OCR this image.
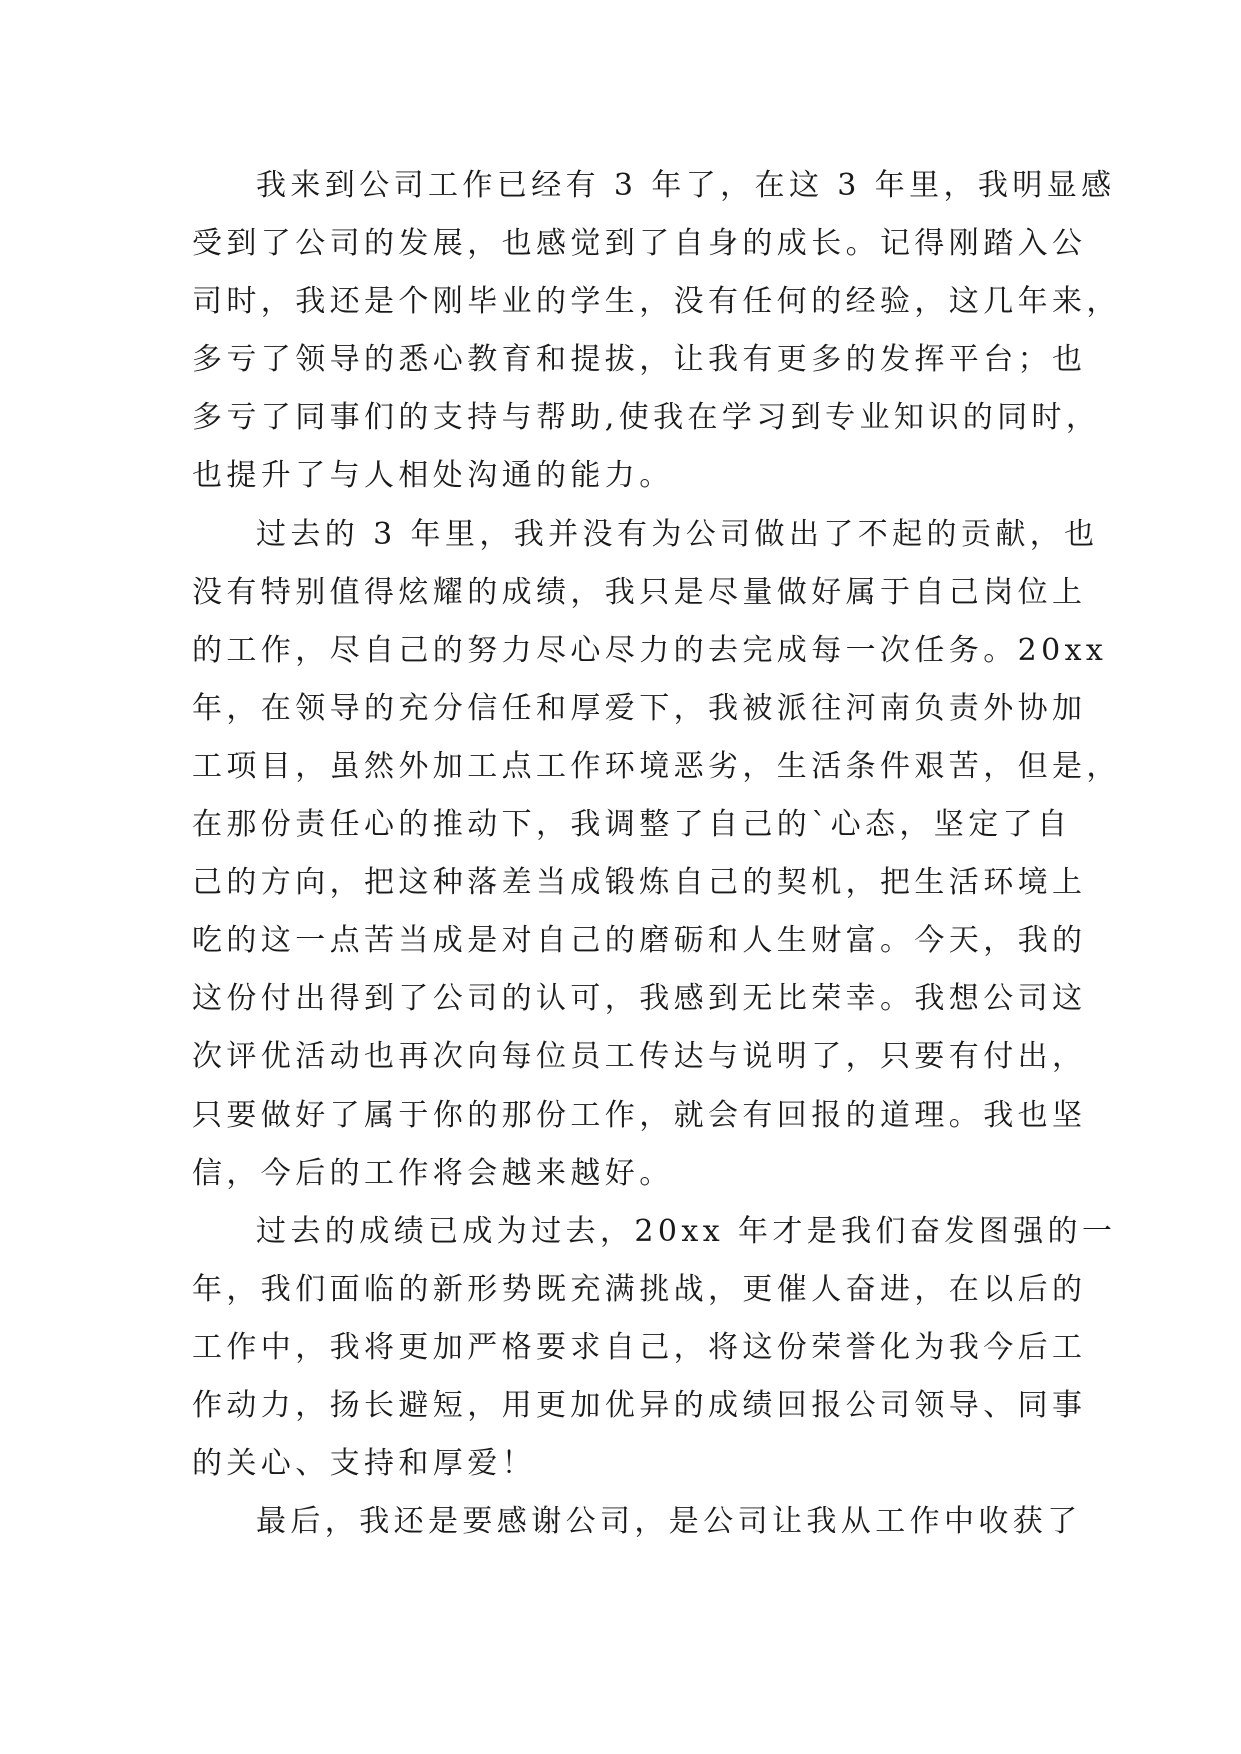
我来到公司工作已经有 3 年了，在这 3 年里，我明显感
受到了公司的发展，也感觉到了自身的成长。记得刚踏入公
司时，我还是个刚毕业的学生，没有任何的经验，这几年来，
多亏了领导的悉心教育和提拔，让我有更多的发挥平台；也
多亏了同事们的支持与帮助,使我在学习到专业知识的同时，
也提升了与人相处沟通的能力。
过去的 3 年里，我并没有为公司做出了不起的贡献，也
没有特别值得炫耀的成绩，我只是尽量做好属于自己岗位上
的工作，尽自己的努力尽心尽力的去完成每一次任务。20xx
年，在领导的充分信任和厚爱下，我被派往河南负责外协加
工项目，虽然外加工点工作环境恶劣，生活条件艰苦，但是，
在那份责任心的推动下，我调整了自己的`心态，坚定了自
己的方向，把这种落差当成锻炼自己的契机，把生活环境上
吃的这一点苦当成是对自己的磨砺和人生财富。今天，我的
这份付出得到了公司的认可，我感到无比荣幸。我想公司这
次评优活动也再次向每位员工传达与说明了，只要有付出，
只要做好了属于你的那份工作，就会有回报的道理。我也坚
信，今后的工作将会越来越好。
过去的成绩已成为过去，20xx 年才是我们奋发图强的一
年，我们面临的新形势既充满挑战，更催人奋进，在以后的
工作中，我将更加严格要求自己，将这份荣誉化为我今后工
作动力，扬长避短，用更加优异的成绩回报公司领导、同事
的关心、支持和厚爱！
最后，我还是要感谢公司，是公司让我从工作中收获了
